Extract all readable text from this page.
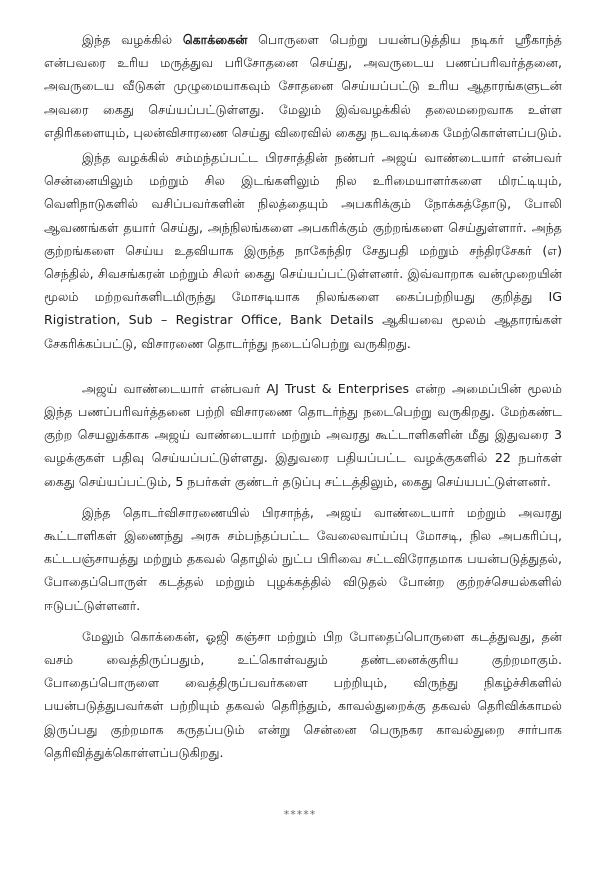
இந்த வழக்கில் கொக்கைன் பொருளை பெற்று பயன்படுத்திய நடிகர் ஸ்ரீகாந்த் என்பவரை உரிய மருத்துவ பரிசோதனை செய்து, அவருடைய பணப்பரிவர்த்தனை, அவருடைய வீடுகள் முழுமையாகவும் சோதனை செய்யப்பட்டு உரிய ஆதாரங்களுடன் அவரை கைது செய்யப்பட்டுள்ளது. மேலும் இவ்வழக்கில் தலைமறைவாக உள்ள எதிரிகளையும், புலன்விசாரணை செய்து விரைவில் கைது நடவடிக்கை மேற்கொள்ளப்படும்.

இந்த வழக்கில் சம்மந்தப்பட்ட பிரசாத்தின் நண்பர் அஜய் வாண்டையார் என்பவர் சென்னையிலும் மற்றும் சில இடங்களிலும் நில உரிமையாளர்களை மிரட்டியும், வெளிநாடுகளில் வசிப்பவர்களின் நிலத்தையும் அபகரிக்கும் நோக்கத்தோடு, போலி ஆவணங்கள் தயார் செய்து, அந்நிலங்களை அபகரிக்கும் குற்றங்களை செய்துள்ளார். அந்த குற்றங்களை செய்ய உதவியாக இருந்த நாகேந்திர சேதுபதி மற்றும் சந்திரசேகர் (எ) செந்தில், சிவசங்கரன் மற்றும் சிலர் கைது செய்யப்பட்டுள்ளனர். இவ்வாறாக வன்முறையின் மூலம் மற்றவர்களிடமிருந்து மோசடியாக நிலங்களை கைப்பற்றியது குறித்து IG Rigistration, Sub – Registrar Office, Bank Details ஆகியவை மூலம் ஆதாரங்கள் சேகரிக்கப்பட்டு, விசாரணை தொடர்ந்து நடைப்பெற்று வருகிறது.

அஜய் வாண்டையார் என்பவர் AJ Trust & Enterprises என்ற அமைப்பின் மூலம் இந்த பணப்பரிவர்த்தனை பற்றி விசாரணை தொடர்ந்து நடைபெற்று வருகிறது. மேற்கண்ட குற்ற செயலுக்காக அஜய் வாண்டையார் மற்றும் அவரது கூட்டாளிகளின் மீது இதுவரை 3 வழக்குகள் பதிவு செய்யப்பட்டுள்ளது. இதுவரை பதியப்பட்ட வழக்குகளில் 22 நபர்கள் கைது செய்யப்பட்டும், 5 நபர்கள் குண்டர் தடுப்பு சட்டத்திலும், கைது செய்யபட்டுள்ளனர்.

இந்த தொடர்விசாரணையில் பிரசாந்த், அஜய் வாண்டையார் மற்றும் அவரது கூட்டாளிகள் இணைந்து அரசு சம்பந்தப்பட்ட வேலைவாய்ப்பு மோசடி, நில அபகரிப்பு, கட்டபஞ்சாயத்து மற்றும் தகவல் தொழில் நுட்ப பிரிவை சட்டவிரோதமாக பயன்படுத்துதல், போதைப்பொருள் கடத்தல் மற்றும் புழக்கத்தில் விடுதல் போன்ற குற்றச்செயல்களில் ஈடுபட்டுள்ளனர்.

மேலும் கொக்கைன், ஓஜி கஞ்சா மற்றும் பிற போதைப்பொருளை கடத்துவது, தன் வசம் வைத்திருப்பதும், உட்கொள்வதும் தண்டனைக்குரிய குற்றமாகும். போதைப்பொருளை வைத்திருப்பவர்களை பற்றியும், விருந்து நிகழ்ச்சிகளில் பயன்படுத்துபவர்கள் பற்றியும் தகவல் தெரிந்தும், காவல்துறைக்கு தகவல் தெரிவிக்காமல் இருப்பது குற்றமாக கருதப்படும் என்று சென்னை பெருநகர காவல்துறை சார்பாக தெரிவித்துக்கொள்ளப்படுகிறது.

*****
